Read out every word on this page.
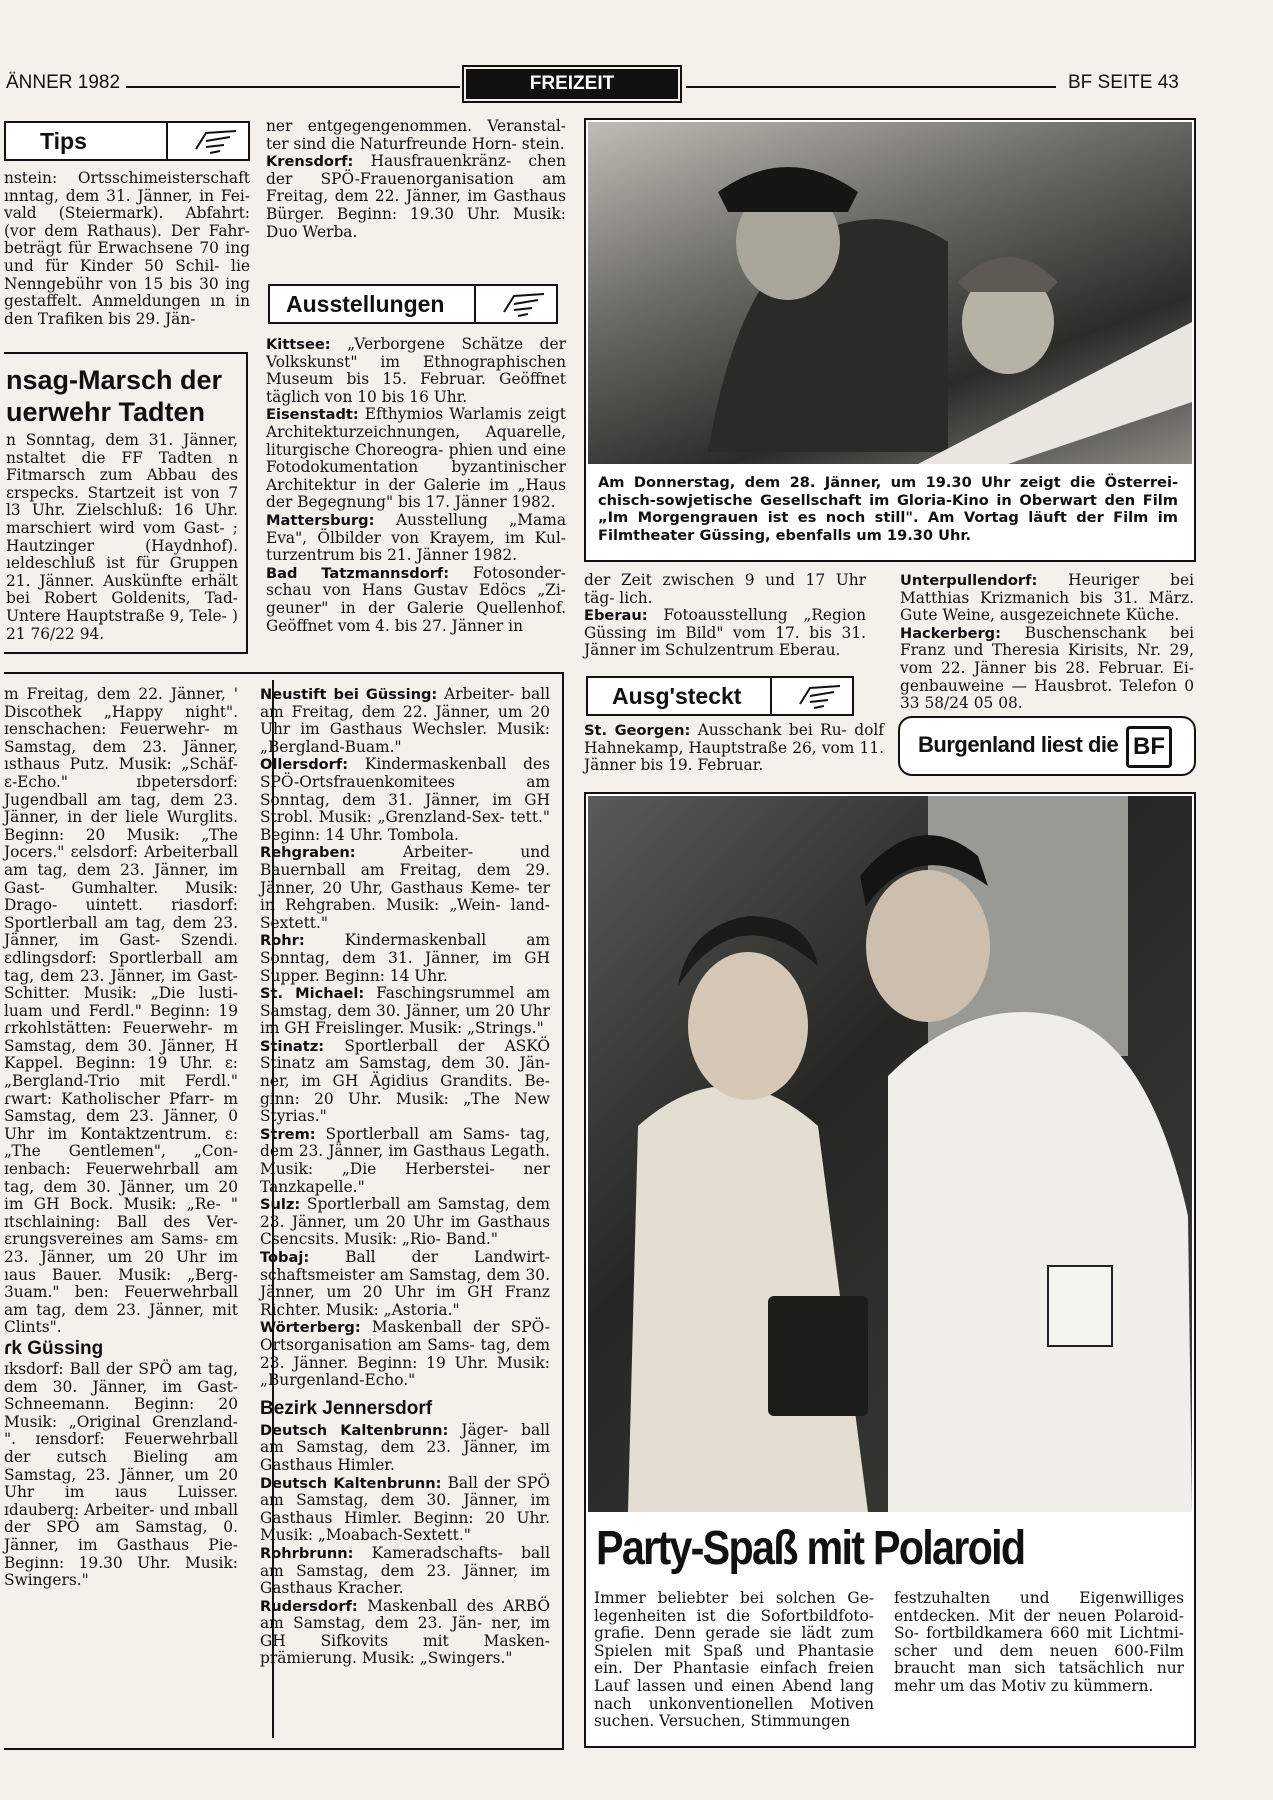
ÄNNER 1982	FREIZEIT	BF SEITE 43
Tips
nstein: Ortsschimeisterschaft ınntag, dem 31. Jänner, in Fei- vald (Steiermark). Abfahrt: (vor dem Rathaus). Der Fahr- beträgt für Erwachsene 70 ing und für Kinder 50 Schil- lie Nenngebühr von 15 bis 30 ing gestaffelt. Anmeldungen ın in den Trafiken bis 29. Jän-
nsag-Marsch der
uerwehr Tadten
n Sonntag, dem 31. Jänner, nstaltet die FF Tadten n Fitmarsch zum Abbau des ɛrspecks. Startzeit ist von 7 l3 Uhr. Zielschluß: 16 Uhr. marschiert wird vom Gast- ; Hautzinger (Haydnhof). ıeldeschluß ist für Gruppen 21. Jänner. Auskünfte erhält bei Robert Goldenits, Tad- Untere Hauptstraße 9, Tele- ) 21 76/22 94.

ner entgegengenommen. Veranstal- ter sind die Naturfreunde Horn- stein.

Krensdorf: Hausfrauenkränz- chen der SPÖ-Frauenorganisation am Freitag, dem 22. Jänner, im Gasthaus Bürger. Beginn: 19.30 Uhr. Musik: Duo Werba.

Ausstellungen

Kittsee: „Verborgene Schätze der Volkskunst" im Ethnographischen Museum bis 15. Februar. Geöffnet täglich von 10 bis 16 Uhr.

Eisenstadt: Efthymios Warlamis zeigt Architekturzeichnungen, Aquarelle, liturgische Choreogra- phien und eine Fotodokumentation byzantinischer Architektur in der Galerie im „Haus der Begegnung" bis 17. Jänner 1982.

Mattersburg: Ausstellung „Mama Eva", Ölbilder von Krayem, im Kul- turzentrum bis 21. Jänner 1982.

Bad Tatzmannsdorf: Fotosonder- schau von Hans Gustav Edöcs „Zi- geuner" in der Galerie Quellenhof. Geöffnet vom 4. bis 27. Jänner in

Am Donnerstag, dem 28. Jänner, um 19.30 Uhr zeigt die Österrei- chisch-sowjetische Gesellschaft im Gloria-Kino in Oberwart den Film „Im Morgengrauen ist es noch still". Am Vortag läuft der Film im Filmtheater Güssing, ebenfalls um 19.30 Uhr.

der Zeit zwischen 9 und 17 Uhr täg- lich.

Eberau: Fotoausstellung „Region Güssing im Bild" vom 17. bis 31. Jänner im Schulzentrum Eberau.

Unterpullendorf: Heuriger bei Matthias Krizmanich bis 31. März. Gute Weine, ausgezeichnete Küche.

Hackerberg: Buschenschank bei Franz und Theresia Kirisits, Nr. 29, vom 22. Jänner bis 28. Februar. Ei- genbauweine — Hausbrot. Telefon 0 33 58/24 05 08.

Ausg'steckt

St. Georgen: Ausschank bei Ru- dolf Hahnekamp, Hauptstraße 26, vom 11. Jänner bis 19. Februar.

Burgenland liest die BF

m Freitag, dem 22. Jänner, ' Discothek „Happy night". ɪenschachen: Feuerwehr- m Samstag, dem 23. Jänner, ısthaus Putz. Musik: „Schäf- ɛ-Echo." ɪbpetersdorf: Jugendball am tag, dem 23. Jänner, in der liele Wurglits. Beginn: 20 Musik: „The Jocers." ɛelsdorf: Arbeiterball am tag, dem 23. Jänner, im Gast- Gumhalter. Musik: Drago- uintett. riasdorf: Sportlerball am tag, dem 23. Jänner, im Gast- Szendi. ɛdlingsdorf: Sportlerball am tag, dem 23. Jänner, im Gast- Schitter. Musik: „Die lusti- luam und Ferdl." Beginn: 19 ɾrkohlstätten: Feuerwehr- m Samstag, dem 30. Jänner, H Kappel. Beginn: 19 Uhr. ɛ: „Bergland-Trio mit Ferdl." ɾwart: Katholischer Pfarr- m Samstag, dem 23. Jänner, 0 Uhr im Kontaktzentrum. ɛ: „The Gentlemen", „Con- ɪenbach: Feuerwehrball am tag, dem 30. Jänner, um 20 im GH Bock. Musik: „Re- " ɪtschlaining: Ball des Ver- ɛrungsvereines am Sams- ɛm 23. Jänner, um 20 Uhr im ıaus Bauer. Musik: „Berg- 3uam." ben: Feuerwehrball am tag, dem 23. Jänner, mit Clints".

ɾk Güssing

ɪksdorf: Ball der SPÖ am tag, dem 30. Jänner, im Gast- Schneemann. Beginn: 20 Musik: „Original Grenzland- ". ɪensdorf: Feuerwehrball der ɛutsch Bieling am Samstag, 23. Jänner, um 20 Uhr im ıaus Luisser. ɪdauberg: Arbeiter- und ɪnball der SPÖ am Samstag, 0. Jänner, im Gasthaus Pie- Beginn: 19.30 Uhr. Musik: Swingers."

Neustift bei Güssing: Arbeiter- ball am Freitag, dem 22. Jänner, um 20 Uhr im Gasthaus Wechsler. Musik: „Bergland-Buam."

Ollersdorf: Kindermaskenball des SPÖ-Ortsfrauenkomitees am Sonntag, dem 31. Jänner, im GH Strobl. Musik: „Grenzland-Sex- tett." Beginn: 14 Uhr. Tombola.

Rehgraben: Arbeiter- und Bauernball am Freitag, dem 29. Jänner, 20 Uhr, Gasthaus Keme- ter in Rehgraben. Musik: „Wein- land-Sextett."

Rohr: Kindermaskenball am Sonntag, dem 31. Jänner, im GH Supper. Beginn: 14 Uhr.

St. Michael: Faschingsrummel am Samstag, dem 30. Jänner, um 20 Uhr im GH Freislinger. Musik: „Strings."

Stinatz: Sportlerball der ASKÖ Stinatz am Samstag, dem 30. Jän- ner, im GH Ägidius Grandits. Be- ginn: 20 Uhr. Musik: „The New Styrias."

Strem: Sportlerball am Sams- tag, dem 23. Jänner, im Gasthaus Legath. Musik: „Die Herberstei- ner Tanzkapelle."

Sulz: Sportlerball am Samstag, dem 23. Jänner, um 20 Uhr im Gasthaus Csencsits. Musik: „Rio- Band."

Tobaj: Ball der Landwirt- schaftsmeister am Samstag, dem 30. Jänner, um 20 Uhr im GH Franz Richter. Musik: „Astoria."

Wörterberg: Maskenball der SPÖ-Ortsorganisation am Sams- tag, dem 23. Jänner. Beginn: 19 Uhr. Musik: „Burgenland-Echo."

Bezirk Jennersdorf

Deutsch Kaltenbrunn: Jäger- ball am Samstag, dem 23. Jänner, im Gasthaus Himler.

Deutsch Kaltenbrunn: Ball der SPÖ am Samstag, dem 30. Jänner, im Gasthaus Himler. Beginn: 20 Uhr. Musik: „Moabach-Sextett."

Rohrbrunn: Kameradschafts- ball am Samstag, dem 23. Jänner, im Gasthaus Kracher.

Rudersdorf: Maskenball des ARBÖ am Samstag, dem 23. Jän- ner, im GH Sifkovits mit Masken- prämierung. Musik: „Swingers."

Party-Spaß mit Polaroid
Immer beliebter bei solchen Ge- legenheiten ist die Sofortbildfoto- grafie. Denn gerade sie lädt zum Spielen mit Spaß und Phantasie ein. Der Phantasie einfach freien Lauf lassen und einen Abend lang nach unkonventionellen Motiven suchen. Versuchen, Stimmungen
festzuhalten und Eigenwilliges entdecken. Mit der neuen Polaroid-So- fortbildkamera 660 mit Lichtmi- scher und dem neuen 600-Film braucht man sich tatsächlich nur mehr um das Motiv zu kümmern.
